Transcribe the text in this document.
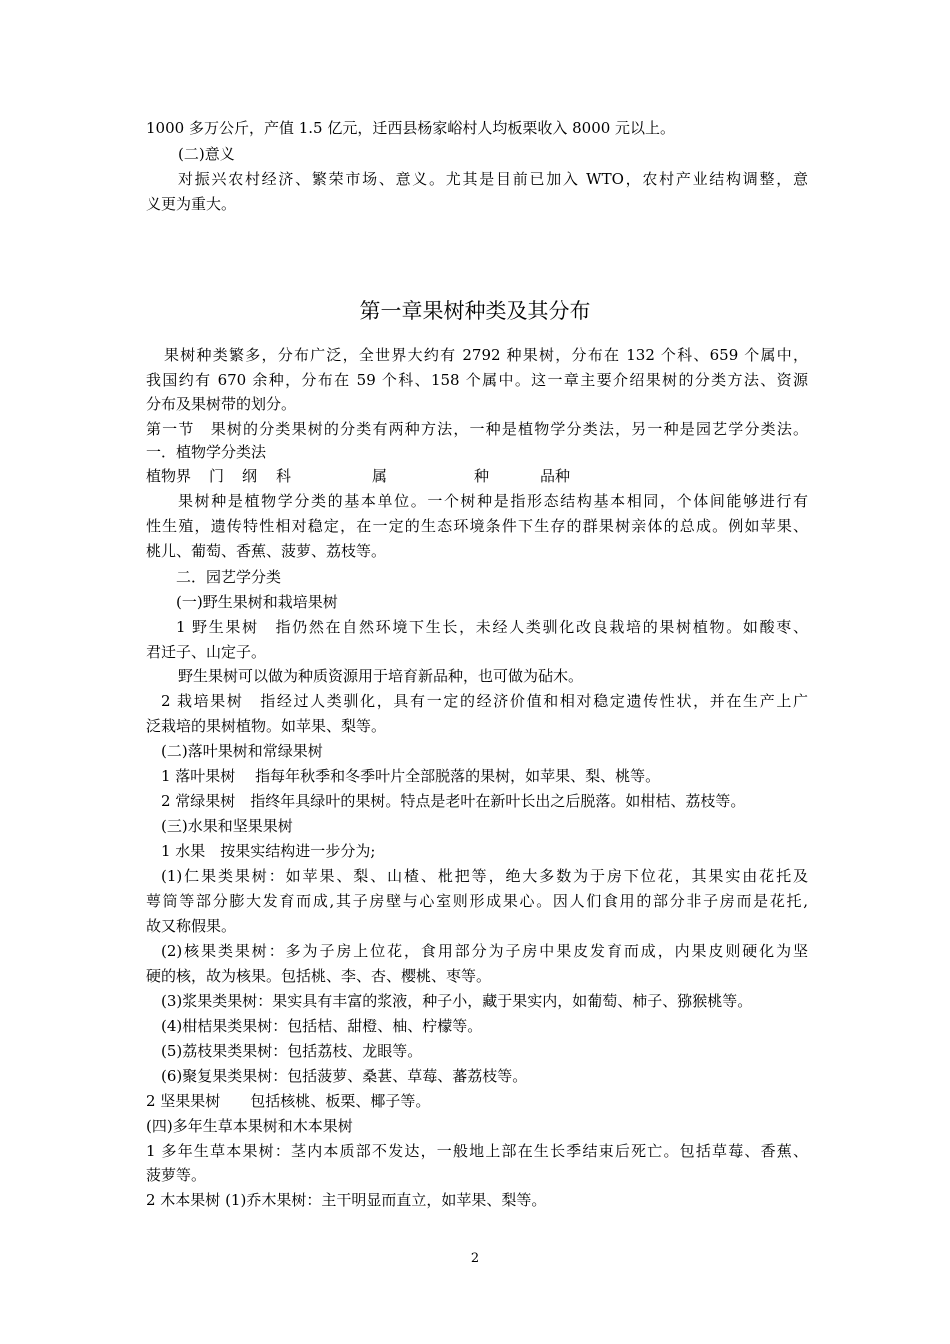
1000 多万公斤，产值 1.5 亿元，迁西县杨家峪村人均板栗收入 8000 元以上。
(二)意义
对振兴农村经济、繁荣市场、意义。尤其是目前已加入 WTO，农村产业结构调整，意
义更为重大。
第一章果树种类及其分布
果树种类繁多，分布广泛，全世界大约有 2792 种果树，分布在 132 个科、659 个属中，
我国约有 670 余种，分布在 59 个科、158 个属中。这一章主要介绍果树的分类方法、资源
分布及果树带的划分。
第一节　果树的分类果树的分类有两种方法，一种是植物学分类法，另一种是园艺学分类法。
一．植物学分类法
植物界 门 纲 科	属	种	品种
果树种是植物学分类的基本单位。一个树种是指形态结构基本相同，个体间能够进行有
性生殖，遗传特性相对稳定，在一定的生态环境条件下生存的群果树亲体的总成。例如苹果、
桃儿、葡萄、香蕉、菠萝、荔枝等。
二．园艺学分类
(一)野生果树和栽培果树
1 野生果树　指仍然在自然环境下生长，未经人类驯化改良栽培的果树植物。如酸枣、
君迁子、山定子。
野生果树可以做为种质资源用于培育新品种，也可做为砧木。
2 栽培果树　指经过人类驯化，具有一定的经济价值和相对稳定遗传性状，并在生产上广
泛栽培的果树植物。如苹果、梨等。
(二)落叶果树和常绿果树
1 落叶果树　 指每年秋季和冬季叶片全部脱落的果树，如苹果、梨、桃等。
2 常绿果树　指终年具绿叶的果树。特点是老叶在新叶长出之后脱落。如柑桔、荔枝等。
(三)水果和坚果果树
1 水果　按果实结构进一步分为;
(1)仁果类果树：如苹果、梨、山楂、枇把等，绝大多数为于房下位花，其果实由花托及
萼筒等部分膨大发育而成,其子房壁与心室则形成果心。因人们食用的部分非子房而是花托,
故又称假果。
(2)核果类果树：多为子房上位花，食用部分为子房中果皮发育而成，内果皮则硬化为坚
硬的核，故为核果。包括桃、李、杏、樱桃、枣等。
(3)浆果类果树：果实具有丰富的浆液，种子小，藏于果实内，如葡萄、柿子、猕猴桃等。
(4)柑桔果类果树：包括桔、甜橙、柚、柠檬等。
(5)荔枝果类果树：包括荔枝、龙眼等。
(6)聚复果类果树：包括菠萝、桑葚、草莓、蕃荔枝等。
2 坚果果树　　包括核桃、板栗、椰子等。
(四)多年生草本果树和木本果树
1 多年生草本果树：茎内本质部不发达，一般地上部在生长季结束后死亡。包括草莓、香蕉、
菠萝等。
2 木本果树 (1)乔木果树：主干明显而直立，如苹果、梨等。
2
